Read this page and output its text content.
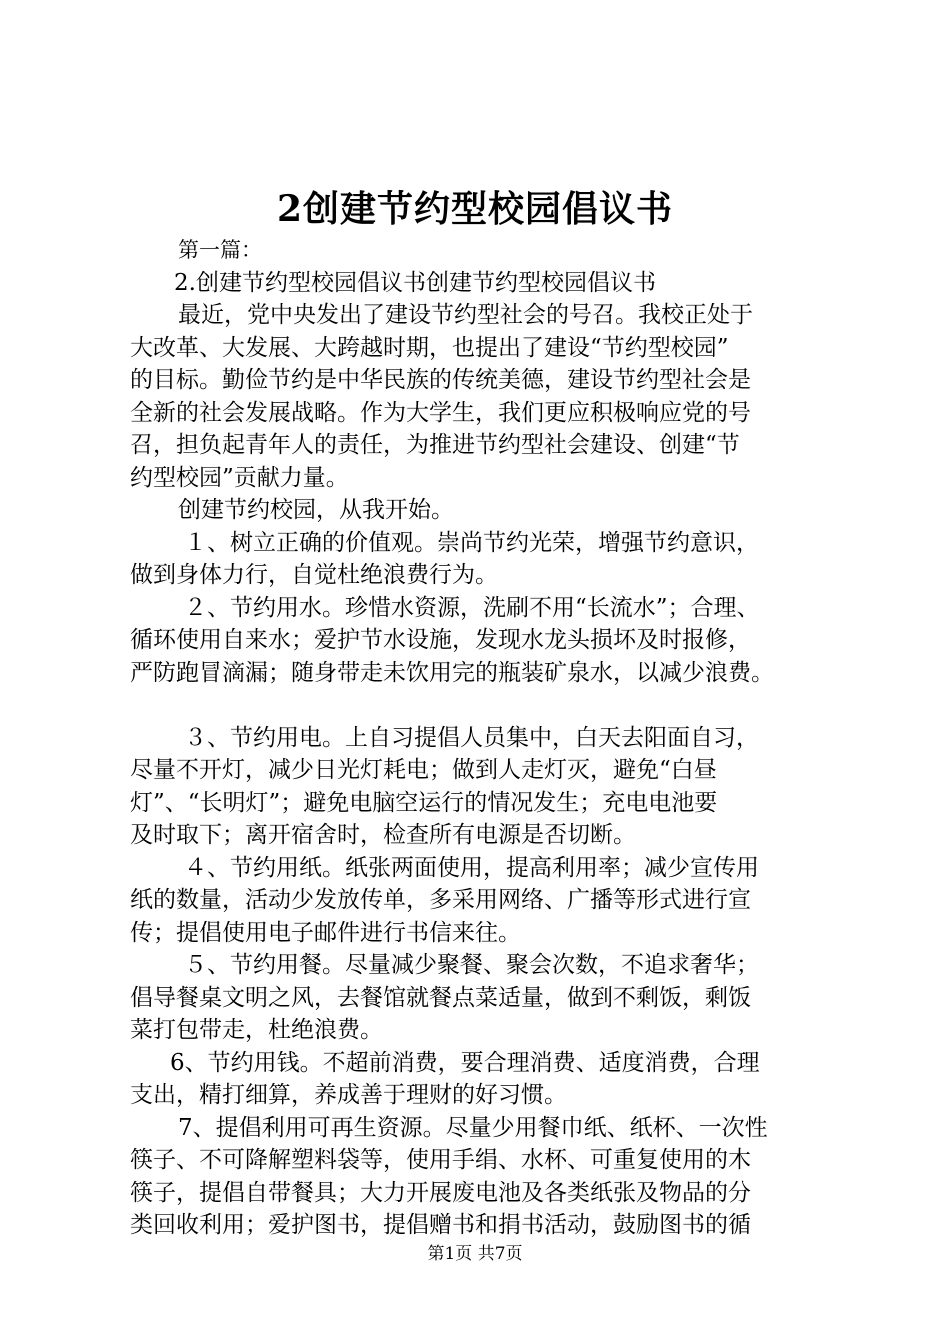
2创建节约型校园倡议书
第一篇：
2.创建节约型校园倡议书创建节约型校园倡议书
最近，党中央发出了建设节约型社会的号召。我校正处于
大改革、大发展、大跨越时期，也提出了建设“节约型校园”
的目标。勤俭节约是中华民族的传统美德，建设节约型社会是
全新的社会发展战略。作为大学生，我们更应积极响应党的号
召，担负起青年人的责任，为推进节约型社会建设、创建“节
约型校园”贡献力量。
创建节约校园，从我开始。
１、树立正确的价值观。崇尚节约光荣，增强节约意识，
做到身体力行，自觉杜绝浪费行为。
２、节约用水。珍惜水资源，洗刷不用“长流水”；合理、
循环使用自来水；爱护节水设施，发现水龙头损坏及时报修，
严防跑冒滴漏；随身带走未饮用完的瓶装矿泉水，以减少浪费。
３、节约用电。上自习提倡人员集中，白天去阳面自习，
尽量不开灯，减少日光灯耗电；做到人走灯灭，避免“白昼
灯”、“长明灯”；避免电脑空运行的情况发生；充电电池要
及时取下；离开宿舍时，检查所有电源是否切断。
４、节约用纸。纸张两面使用，提高利用率；减少宣传用
纸的数量，活动少发放传单，多采用网络、广播等形式进行宣
传；提倡使用电子邮件进行书信来往。
５、节约用餐。尽量减少聚餐、聚会次数，不追求奢华；
倡导餐桌文明之风，去餐馆就餐点菜适量，做到不剩饭，剩饭
菜打包带走，杜绝浪费。
6、节约用钱。不超前消费，要合理消费、适度消费，合理
支出，精打细算，养成善于理财的好习惯。
7、提倡利用可再生资源。尽量少用餐巾纸、纸杯、一次性
筷子、不可降解塑料袋等，使用手绢、水杯、可重复使用的木
筷子，提倡自带餐具；大力开展废电池及各类纸张及物品的分
类回收利用；爱护图书，提倡赠书和捐书活动，鼓励图书的循
第1页 共7页
